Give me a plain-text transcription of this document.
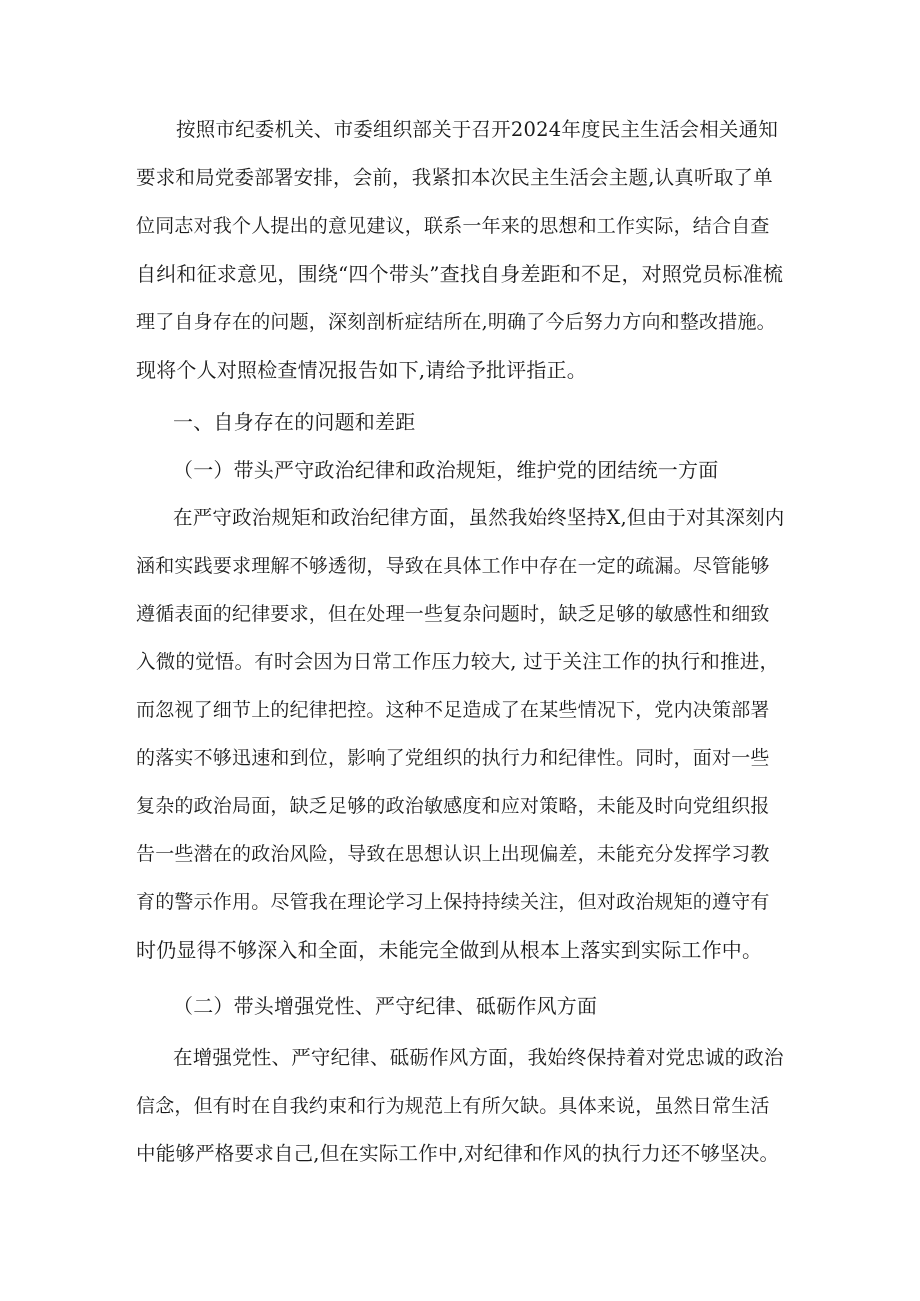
按照市纪委机关、市委组织部关于召开2024年度民主生活会相关通知
要求和局党委部署安排，会前，我紧扣本次民主生活会主题,认真听取了单
位同志对我个人提出的意见建议，联系一年来的思想和工作实际，结合自查
自纠和征求意见，围绕“四个带头”查找自身差距和不足，对照党员标准梳
理了自身存在的问题，深刻剖析症结所在,明确了今后努力方向和整改措施。
现将个人对照检查情况报告如下,请给予批评指正。
一、自身存在的问题和差距
（一）带头严守政治纪律和政治规矩，维护党的团结统一方面
在严守政治规矩和政治纪律方面，虽然我始终坚持X,但由于对其深刻内
涵和实践要求理解不够透彻，导致在具体工作中存在一定的疏漏。尽管能够
遵循表面的纪律要求，但在处理一些复杂问题时，缺乏足够的敏感性和细致
入微的觉悟。有时会因为日常工作压力较大, 过于关注工作的执行和推进，
而忽视了细节上的纪律把控。这种不足造成了在某些情况下，党内决策部署
的落实不够迅速和到位，影响了党组织的执行力和纪律性。同时，面对一些
复杂的政治局面，缺乏足够的政治敏感度和应对策略，未能及时向党组织报
告一些潜在的政治风险，导致在思想认识上出现偏差，未能充分发挥学习教
育的警示作用。尽管我在理论学习上保持持续关注，但对政治规矩的遵守有
时仍显得不够深入和全面，未能完全做到从根本上落实到实际工作中。
（二）带头增强党性、严守纪律、砥砺作风方面
在增强党性、严守纪律、砥砺作风方面，我始终保持着对党忠诚的政治
信念，但有时在自我约束和行为规范上有所欠缺。具体来说，虽然日常生活
中能够严格要求自己,但在实际工作中,对纪律和作风的执行力还不够坚决。
